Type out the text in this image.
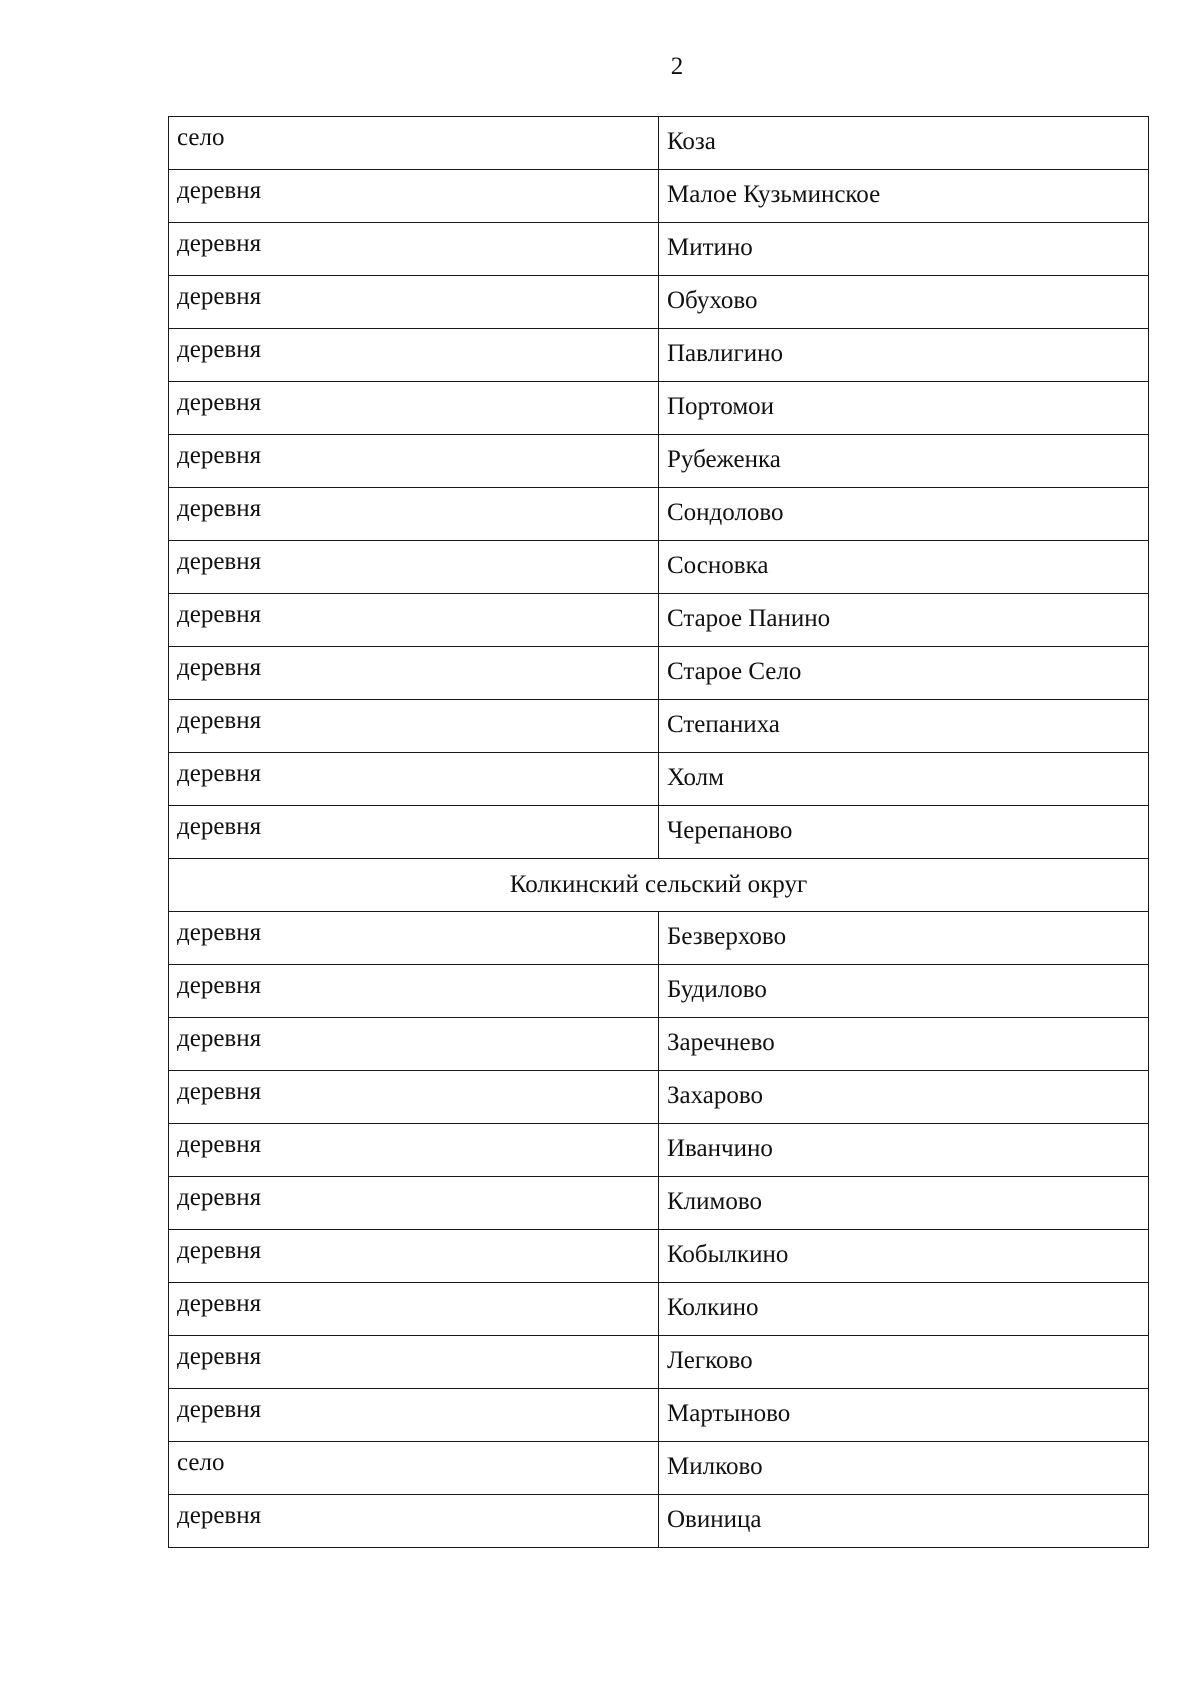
2
село	Коза
деревня	Малое Кузьминское
деревня	Митино
деревня	Обухово
деревня	Павлигино
деревня	Портомои
деревня	Рубеженка
деревня	Сондолово
деревня	Сосновка
деревня	Старое Панино
деревня	Старое Село
деревня	Степаниха
деревня	Холм
деревня	Черепаново
Колкинский сельский округ	
деревня	Безверхово
деревня	Будилово
деревня	Заречнево
деревня	Захарово
деревня	Иванчино
деревня	Климово
деревня	Кобылкино
деревня	Колкино
деревня	Легково
деревня	Мартыново
село	Милково
деревня	Овиница
